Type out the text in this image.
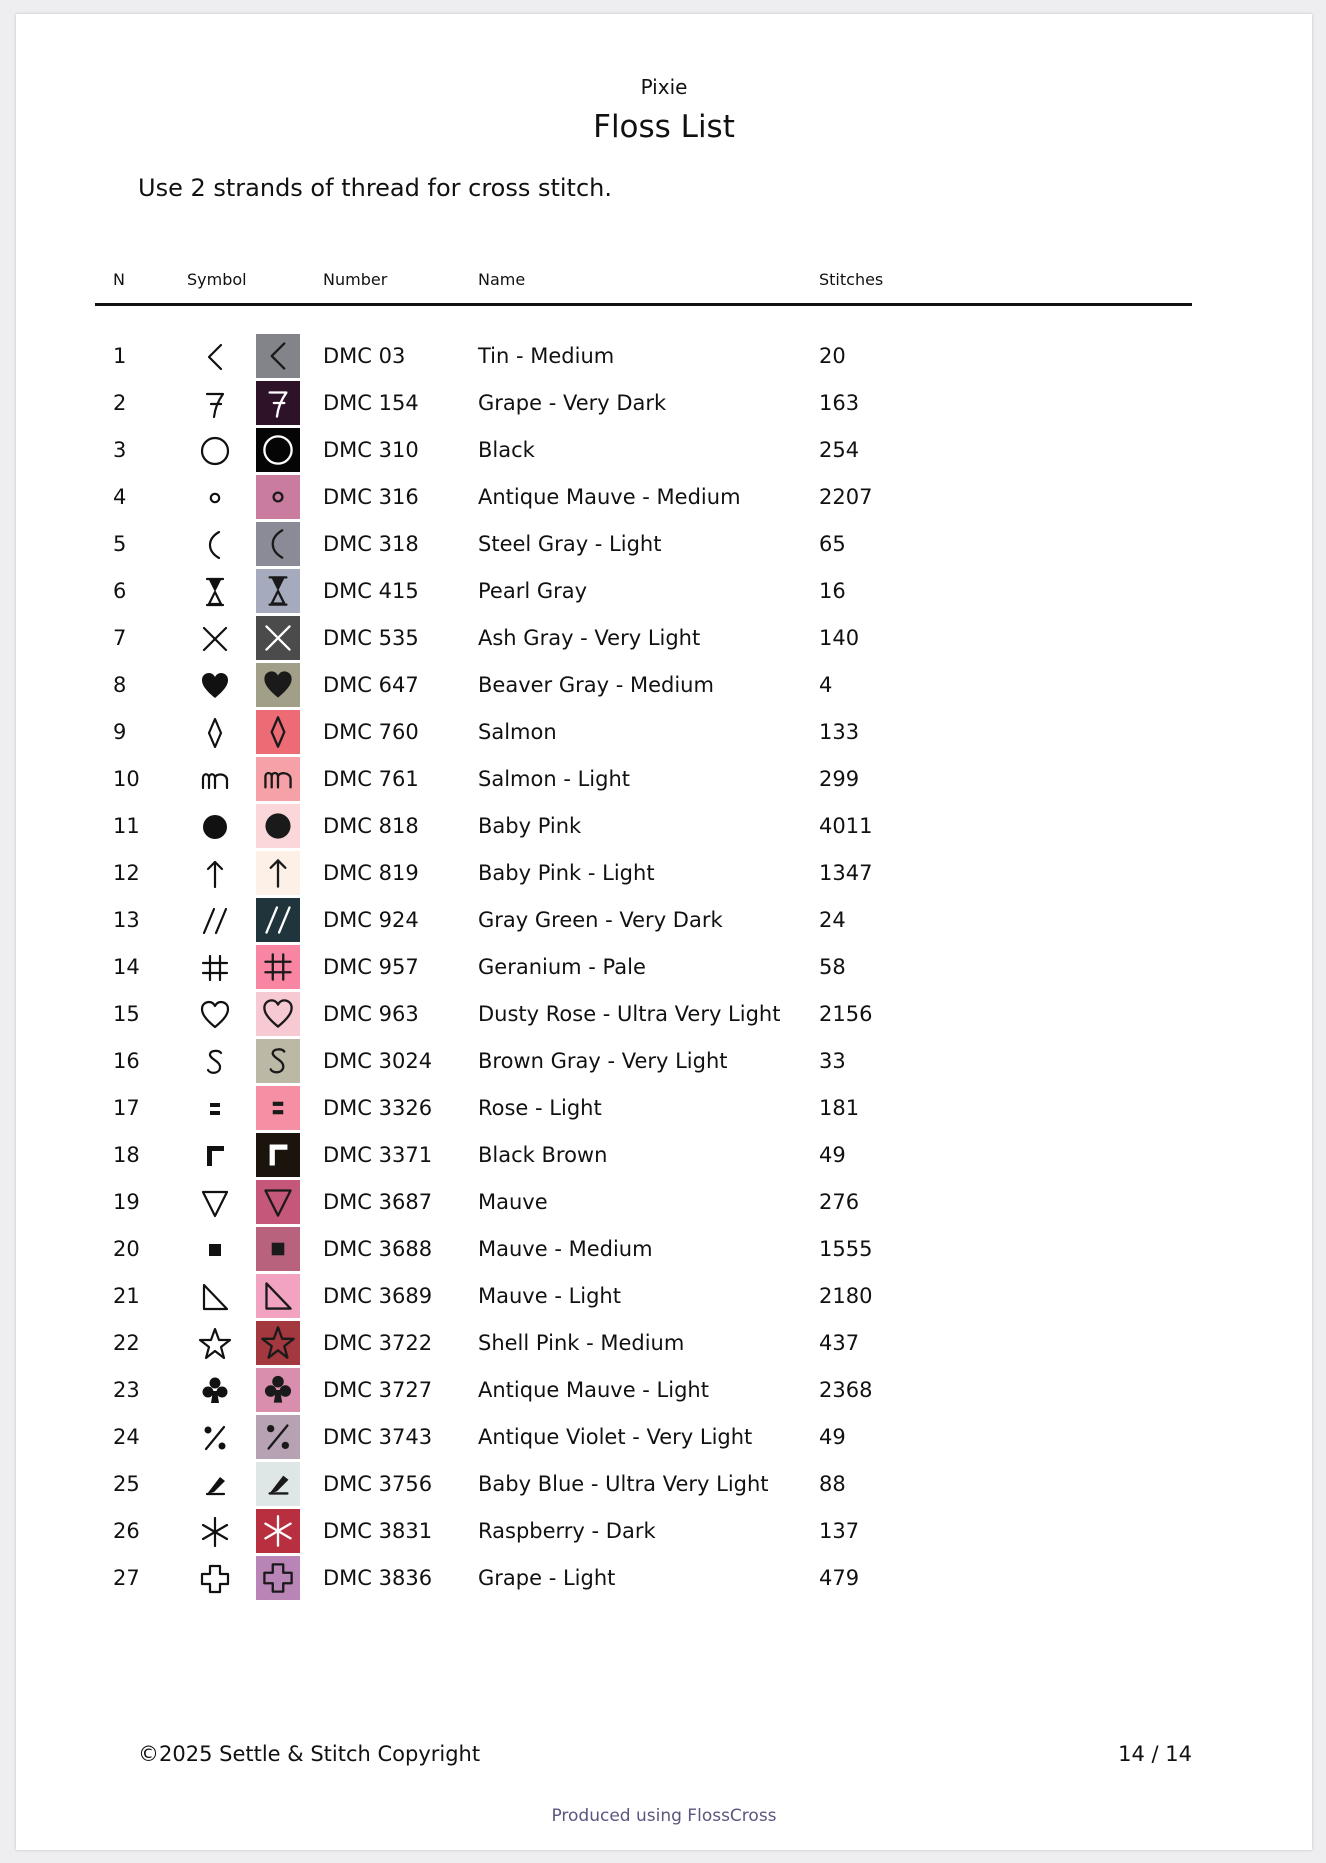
Pixie
Floss List
Use 2 strands of thread for cross stitch.
N	Symbol	Number	Name	Stitches
1	DMC 03	Tin - Medium	20
2	DMC 154	Grape - Very Dark	163
3	DMC 310	Black	254
4	DMC 316	Antique Mauve - Medium	2207
5	DMC 318	Steel Gray - Light	65
6	DMC 415	Pearl Gray	16
7	DMC 535	Ash Gray - Very Light	140
8	DMC 647	Beaver Gray - Medium	4
9	DMC 760	Salmon	133
10	DMC 761	Salmon - Light	299
11	DMC 818	Baby Pink	4011
12	DMC 819	Baby Pink - Light	1347
13	DMC 924	Gray Green - Very Dark	24
14	DMC 957	Geranium - Pale	58
15	DMC 963	Dusty Rose - Ultra Very Light 2156
16	DMC 3024 Brown Gray - Very Light	33
17	DMC 3326 Rose - Light	181
18	DMC 3371 Black Brown	49
19	DMC 3687 Mauve	276
20	DMC 3688 Mauve - Medium	1555
21	DMC 3689 Mauve - Light	2180
22	DMC 3722 Shell Pink - Medium	437
23	DMC 3727 Antique Mauve - Light	2368
24	DMC 3743 Antique Violet - Very Light	49
25	DMC 3756 Baby Blue - Ultra Very Light 88
26	DMC 3831 Raspberry - Dark	137
27	DMC 3836 Grape - Light	479
©2025 Settle & Stitch Copyright	14 / 14
Produced using FlossCross
